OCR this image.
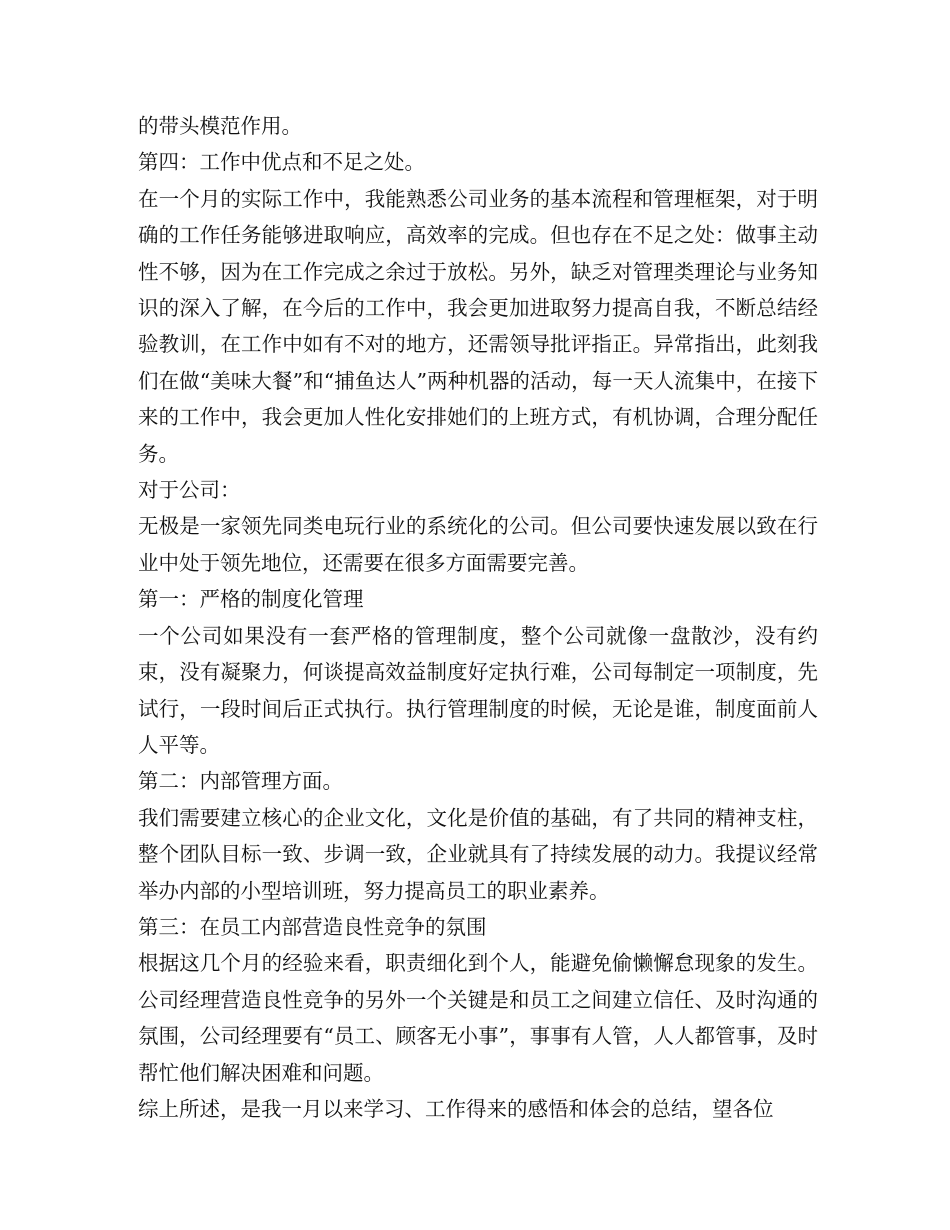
的带头模范作用。

第四：工作中优点和不足之处。

在一个月的实际工作中，我能熟悉公司业务的基本流程和管理框架，对于明确的工作任务能够进取响应，高效率的完成。但也存在不足之处：做事主动性不够，因为在工作完成之余过于放松。另外，缺乏对管理类理论与业务知识的深入了解，在今后的工作中，我会更加进取努力提高自我，不断总结经验教训，在工作中如有不对的地方，还需领导批评指正。异常指出，此刻我们在做“美味大餐”和“捕鱼达人”两种机器的活动，每一天人流集中，在接下来的工作中，我会更加人性化安排她们的上班方式，有机协调，合理分配任务。

对于公司：

无极是一家领先同类电玩行业的系统化的公司。但公司要快速发展以致在行业中处于领先地位，还需要在很多方面需要完善。

第一：严格的制度化管理

一个公司如果没有一套严格的管理制度，整个公司就像一盘散沙，没有约束，没有凝聚力，何谈提高效益制度好定执行难，公司每制定一项制度，先试行，一段时间后正式执行。执行管理制度的时候，无论是谁，制度面前人人平等。

第二：内部管理方面。

我们需要建立核心的企业文化，文化是价值的基础，有了共同的精神支柱，整个团队目标一致、步调一致，企业就具有了持续发展的动力。我提议经常举办内部的小型培训班，努力提高员工的职业素养。

第三：在员工内部营造良性竞争的氛围

根据这几个月的经验来看，职责细化到个人，能避免偷懒懈怠现象的发生。公司经理营造良性竞争的另外一个关键是和员工之间建立信任、及时沟通的氛围，公司经理要有“员工、顾客无小事”，事事有人管，人人都管事，及时帮忙他们解决困难和问题。

综上所述，是我一月以来学习、工作得来的感悟和体会的总结，望各位
